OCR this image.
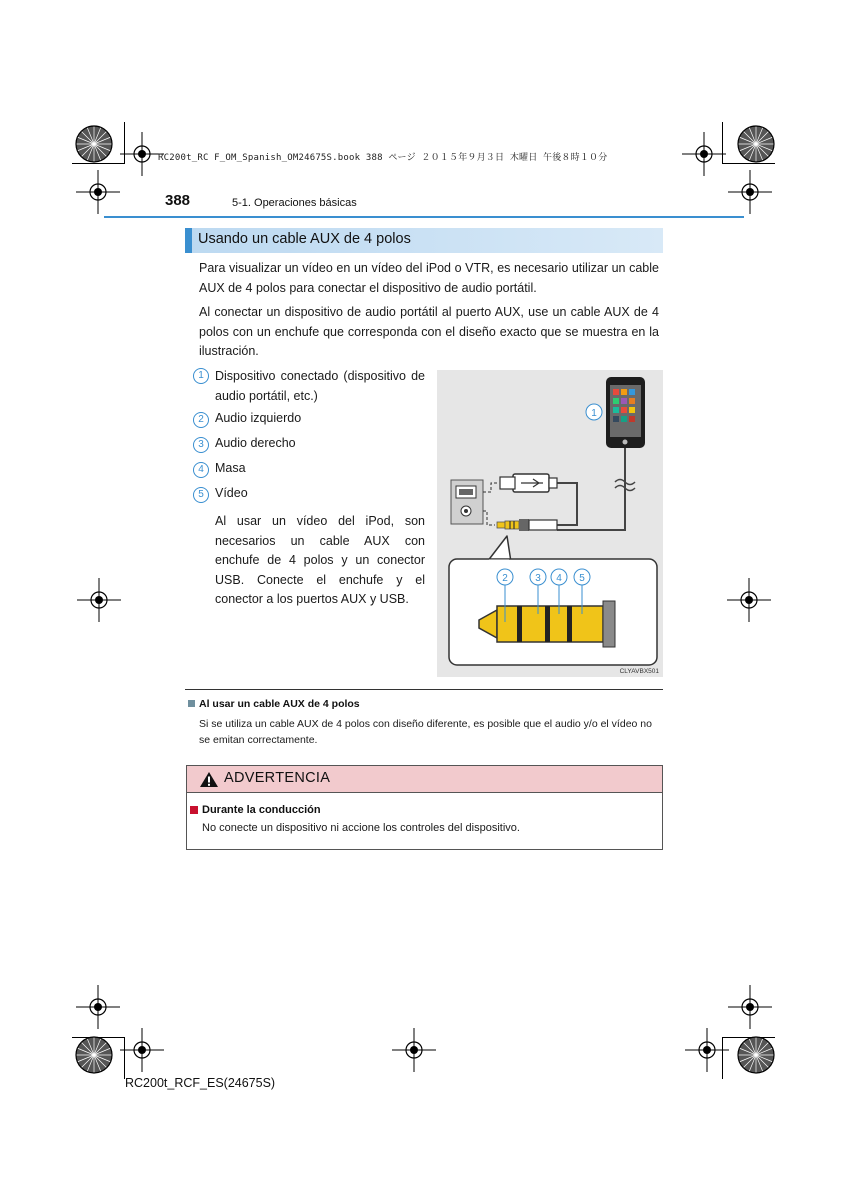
RC200t_RC F_OM_Spanish_OM24675S.book 388 ページ ２０１５年９月３日 木曜日 午後８時１０分
388	5-1. Operaciones básicas
Usando un cable AUX de 4 polos
Para visualizar un vídeo en un vídeo del iPod o VTR, es necesario utilizar un cable AUX de 4 polos para conectar el dispositivo de audio portátil.
Al conectar un dispositivo de audio portátil al puerto AUX, use un cable AUX de 4 polos con un enchufe que corresponda con el diseño exacto que se muestra en la ilustración.
1 Dispositivo conectado (dispositivo de audio portátil, etc.)
2 Audio izquierdo
3 Audio derecho
4 Masa
5 Vídeo
Al usar un vídeo del iPod, son necesarios un cable AUX con enchufe de 4 polos y un conector USB. Conecte el enchufe y el conector a los puertos AUX y USB.
1
2	3 4 5
CLYAVBX501
Al usar un cable AUX de 4 polos
Si se utiliza un cable AUX de 4 polos con diseño diferente, es posible que el audio y/o el vídeo no se emitan correctamente.
ADVERTENCIA
Durante la conducción
No conecte un dispositivo ni accione los controles del dispositivo.
RC200t_RCF_ES(24675S)
